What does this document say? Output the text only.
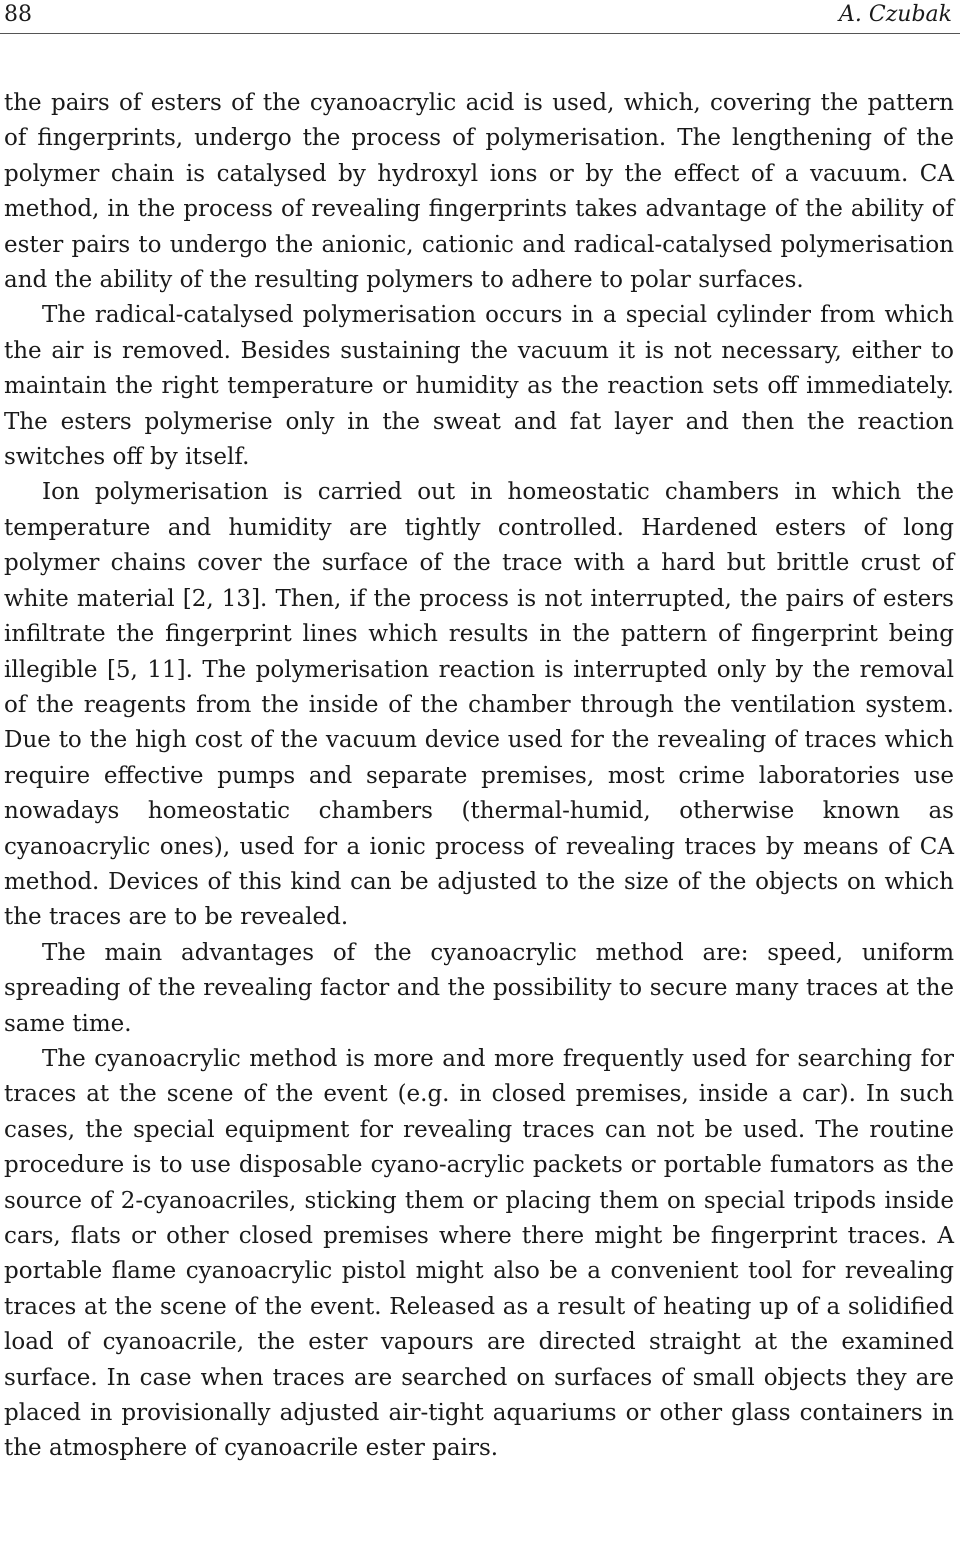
88	A. Czubak

the pairs of esters of the cyanoacrylic acid is used, which, covering the pattern of fingerprints, undergo the process of polymerisation. The lengthening of the polymer chain is catalysed by hydroxyl ions or by the effect of a vacuum. CA method, in the process of revealing fingerprints takes advantage of the ability of ester pairs to undergo the anionic, cationic and radical-catalysed polymerisation and the ability of the resulting polymers to adhere to polar surfaces.

The radical-catalysed polymerisation occurs in a special cylinder from which the air is removed. Besides sustaining the vacuum it is not necessary, either to maintain the right temperature or humidity as the reaction sets off immediately. The esters polymerise only in the sweat and fat layer and then the reaction switches off by itself.

Ion polymerisation is carried out in homeostatic chambers in which the temperature and humidity are tightly controlled. Hardened esters of long polymer chains cover the surface of the trace with a hard but brittle crust of white material [2, 13]. Then, if the process is not interrupted, the pairs of esters infiltrate the fingerprint lines which results in the pattern of fingerprint being illegible [5, 11]. The polymerisation reaction is interrupted only by the removal of the reagents from the inside of the chamber through the ventilation system. Due to the high cost of the vacuum device used for the revealing of traces which require effective pumps and separate premises, most crime laboratories use nowadays homeostatic chambers (thermal-humid, otherwise known as cyanoacrylic ones), used for a ionic process of revealing traces by means of CA method. Devices of this kind can be adjusted to the size of the objects on which the traces are to be revealed.

The main advantages of the cyanoacrylic method are: speed, uniform spreading of the revealing factor and the possibility to secure many traces at the same time.

The cyanoacrylic method is more and more frequently used for searching for traces at the scene of the event (e.g. in closed premises, inside a car). In such cases, the special equipment for revealing traces can not be used. The routine procedure is to use disposable cyano-acrylic packets or portable fumators as the source of 2-cyanoacriles, sticking them or placing them on special tripods inside cars, flats or other closed premises where there might be fingerprint traces. A portable flame cyanoacrylic pistol might also be a convenient tool for revealing traces at the scene of the event. Released as a result of heating up of a solidified load of cyanoacrile, the ester vapours are directed straight at the examined surface. In case when traces are searched on surfaces of small objects they are placed in provisionally adjusted air-tight aquariums or other glass containers in the atmosphere of cyanoacrile ester pairs.
